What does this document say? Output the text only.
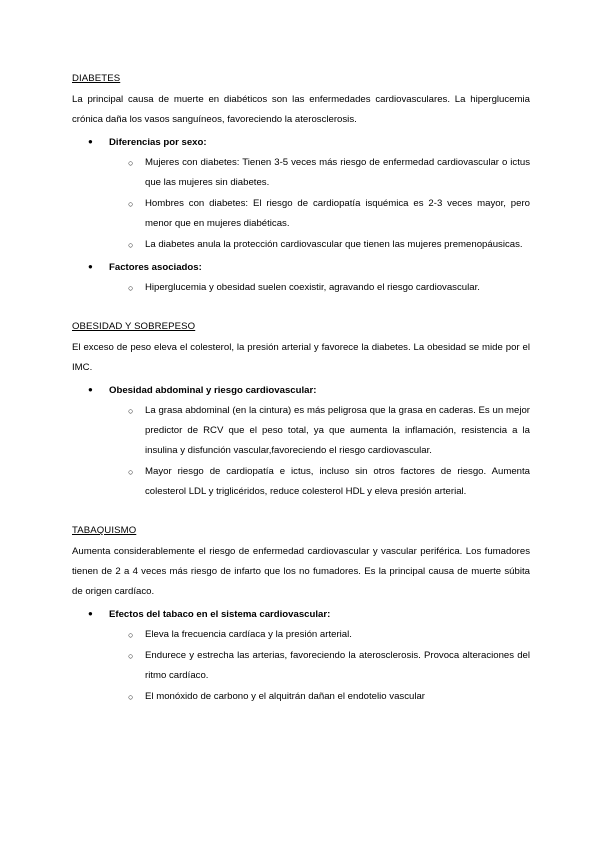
DIABETES

La principal causa de muerte en diabéticos son las enfermedades cardiovasculares. La hiperglucemia crónica daña los vasos sanguíneos, favoreciendo la aterosclerosis.

● Diferencias por sexo:
○ Mujeres con diabetes: Tienen 3-5 veces más riesgo de enfermedad cardiovascular o ictus que las mujeres sin diabetes.
○ Hombres con diabetes: El riesgo de cardiopatía isquémica es 2-3 veces mayor, pero menor que en mujeres diabéticas.
○ La diabetes anula la protección cardiovascular que tienen las mujeres premenopáusicas.
● Factores asociados:
○ Hiperglucemia y obesidad suelen coexistir, agravando el riesgo cardiovascular.
OBESIDAD Y SOBREPESO

El exceso de peso eleva el colesterol, la presión arterial y favorece la diabetes. La obesidad se mide por el IMC.

● Obesidad abdominal y riesgo cardiovascular:
○ La grasa abdominal (en la cintura) es más peligrosa que la grasa en caderas. Es un mejor predictor de RCV que el peso total, ya que aumenta la inflamación, resistencia a la insulina y disfunción vascular,favoreciendo el riesgo cardiovascular.
○ Mayor riesgo de cardiopatía e ictus, incluso sin otros factores de riesgo. Aumenta colesterol LDL y triglicéridos, reduce colesterol HDL y eleva presión arterial.
TABAQUISMO

Aumenta considerablemente el riesgo de enfermedad cardiovascular y vascular periférica. Los fumadores tienen de 2 a 4 veces más riesgo de infarto que los no fumadores. Es la principal causa de muerte súbita de origen cardíaco.

● Efectos del tabaco en el sistema cardiovascular:
○ Eleva la frecuencia cardíaca y la presión arterial.
○ Endurece y estrecha las arterias, favoreciendo la aterosclerosis. Provoca alteraciones del ritmo cardíaco.
○ El monóxido de carbono y el alquitrán dañan el endotelio vascular
